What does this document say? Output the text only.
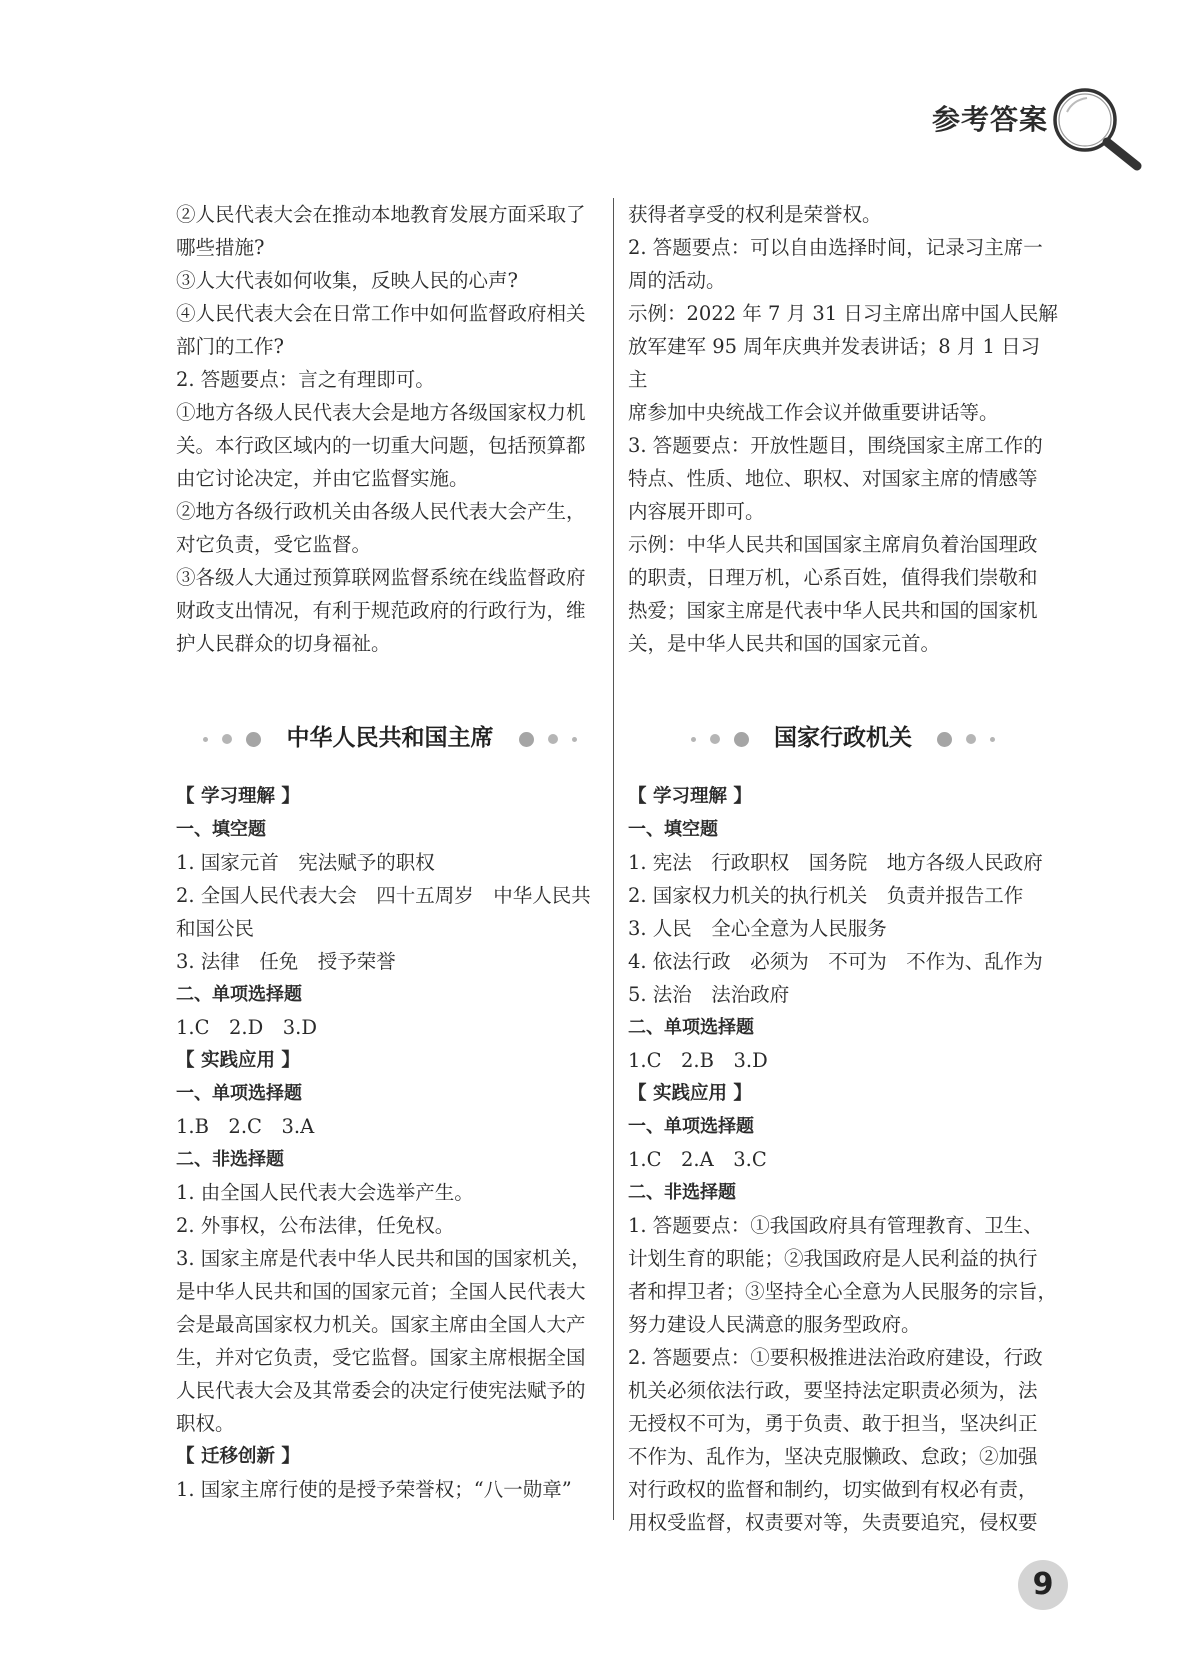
参考答案
②人民代表大会在推动本地教育发展方面采取了
哪些措施?
③人大代表如何收集，反映人民的心声?
④人民代表大会在日常工作中如何监督政府相关
部门的工作?
2. 答题要点：言之有理即可。
①地方各级人民代表大会是地方各级国家权力机
关。本行政区域内的一切重大问题，包括预算都
由它讨论决定，并由它监督实施。
②地方各级行政机关由各级人民代表大会产生，
对它负责，受它监督。
③各级人大通过预算联网监督系统在线监督政府
财政支出情况，有利于规范政府的行政行为，维
护人民群众的切身福祉。
中华人民共和国主席
【 学习理解 】
一、填空题
1. 国家元首　宪法赋予的职权
2. 全国人民代表大会　四十五周岁　中华人民共
和国公民
3. 法律　任免　授予荣誉
二、单项选择题
1.C　2.D　3.D
【 实践应用 】
一、单项选择题
1.B　2.C　3.A
二、非选择题
1. 由全国人民代表大会选举产生。
2. 外事权，公布法律，任免权。
3. 国家主席是代表中华人民共和国的国家机关，
是中华人民共和国的国家元首；全国人民代表大
会是最高国家权力机关。国家主席由全国人大产
生，并对它负责，受它监督。国家主席根据全国
人民代表大会及其常委会的决定行使宪法赋予的
职权。
【 迁移创新 】
1. 国家主席行使的是授予荣誉权；“八一勋章”
获得者享受的权利是荣誉权。
2. 答题要点：可以自由选择时间，记录习主席一
周的活动。
示例：2022 年 7 月 31 日习主席出席中国人民解
放军建军 95 周年庆典并发表讲话；8 月 1 日习主
席参加中央统战工作会议并做重要讲话等。
3. 答题要点：开放性题目，围绕国家主席工作的
特点、性质、地位、职权、对国家主席的情感等
内容展开即可。
示例：中华人民共和国国家主席肩负着治国理政
的职责，日理万机，心系百姓，值得我们崇敬和
热爱；国家主席是代表中华人民共和国的国家机
关，是中华人民共和国的国家元首。
国家行政机关
【 学习理解 】
一、填空题
1. 宪法　行政职权　国务院　地方各级人民政府
2. 国家权力机关的执行机关　负责并报告工作
3. 人民　全心全意为人民服务
4. 依法行政　必须为　不可为　不作为、乱作为
5. 法治　法治政府
二、单项选择题
1.C　2.B　3.D
【 实践应用 】
一、单项选择题
1.C　2.A　3.C
二、非选择题
1. 答题要点：①我国政府具有管理教育、卫生、
计划生育的职能；②我国政府是人民利益的执行
者和捍卫者；③坚持全心全意为人民服务的宗旨，
努力建设人民满意的服务型政府。
2. 答题要点：①要积极推进法治政府建设，行政
机关必须依法行政，要坚持法定职责必须为，法
无授权不可为，勇于负责、敢于担当，坚决纠正
不作为、乱作为，坚决克服懒政、怠政；②加强
对行政权的监督和制约，切实做到有权必有责，
用权受监督，权责要对等，失责要追究，侵权要
9
